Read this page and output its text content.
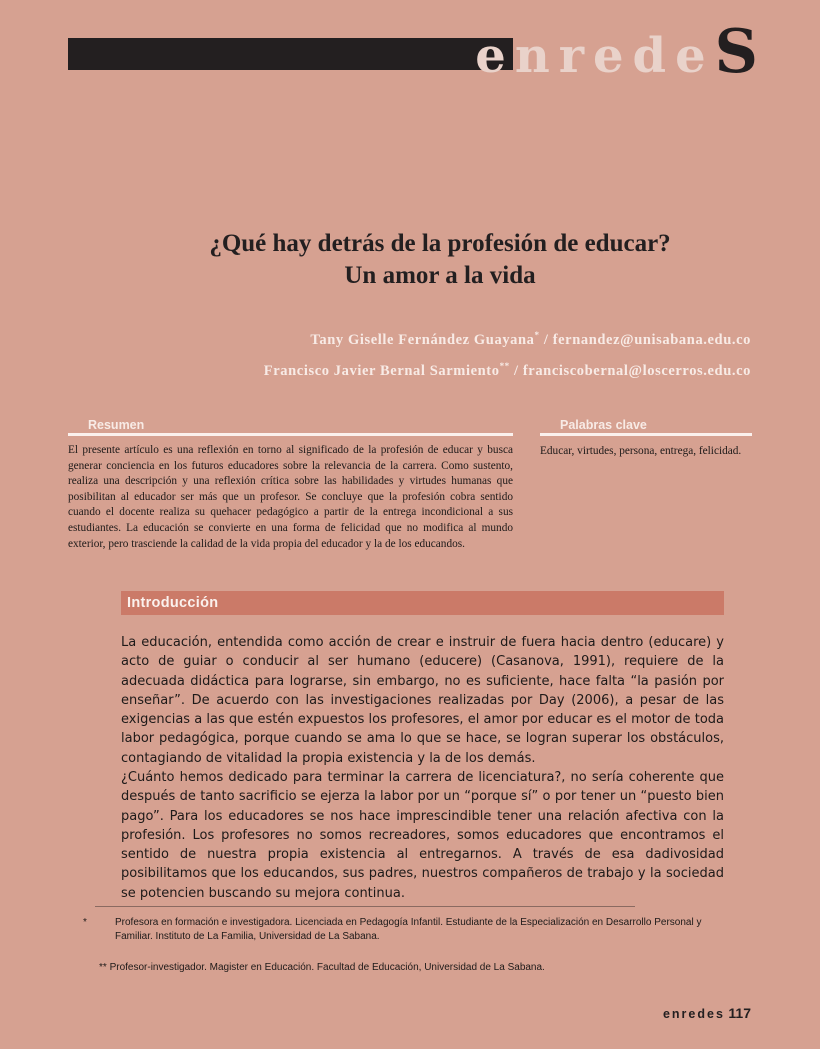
enredeS
¿Qué hay detrás de la profesión de educar?
Un amor a la vida
Tany Giselle Fernández Guayana* / fernandez@unisabana.edu.co
Francisco Javier Bernal Sarmiento** / franciscobernal@loscerros.edu.co
Resumen
El presente artículo es una reflexión en torno al significado de la profesión de educar y busca generar conciencia en los futuros educadores sobre la relevancia de la carrera. Como sustento, realiza una descripción y una reflexión crítica sobre las habilidades y virtudes humanas que posibilitan al educador ser más que un profesor. Se concluye que la profesión cobra sentido cuando el docente realiza su quehacer pedagógico a partir de la entrega incondicional a sus estudiantes. La educación se convierte en una forma de felicidad que no modifica al mundo exterior, pero trasciende la calidad de la vida propia del educador y la de los educandos.
Palabras clave
Educar, virtudes, persona, entrega, felicidad.
Introducción
La educación, entendida como acción de crear e instruir de fuera hacia dentro (educare) y acto de guiar o conducir al ser humano (educere) (Casanova, 1991), requiere de la adecuada didáctica para lograrse, sin embargo, no es suficiente, hace falta “la pasión por enseñar”. De acuerdo con las investigaciones realizadas por Day (2006), a pesar de las exigencias a las que estén expuestos los profesores, el amor por educar es el motor de toda labor pedagógica, porque cuando se ama lo que se hace, se logran superar los obstáculos, contagiando de vitalidad la propia existencia y la de los demás.
¿Cuánto hemos dedicado para terminar la carrera de licenciatura?, no sería coherente que después de tanto sacrificio se ejerza la labor por un “porque sí” o por tener un “puesto bien pago”. Para los educadores se nos hace imprescindible tener una relación afectiva con la profesión. Los profesores no somos recreadores, somos educadores que encontramos el sentido de nuestra propia existencia al entregarnos. A través de esa dadivosidad posibilitamos que los educandos, sus padres, nuestros compañeros de trabajo y la sociedad se potencien buscando su mejora continua.
*	Profesora en formación e investigadora. Licenciada en Pedagogía Infantil. Estudiante de la Especialización en Desarrollo Personal y Familiar. Instituto de La Familia, Universidad de La Sabana.
** Profesor-investigador. Magister en Educación. Facultad de Educación, Universidad de La Sabana.
enredes 117
